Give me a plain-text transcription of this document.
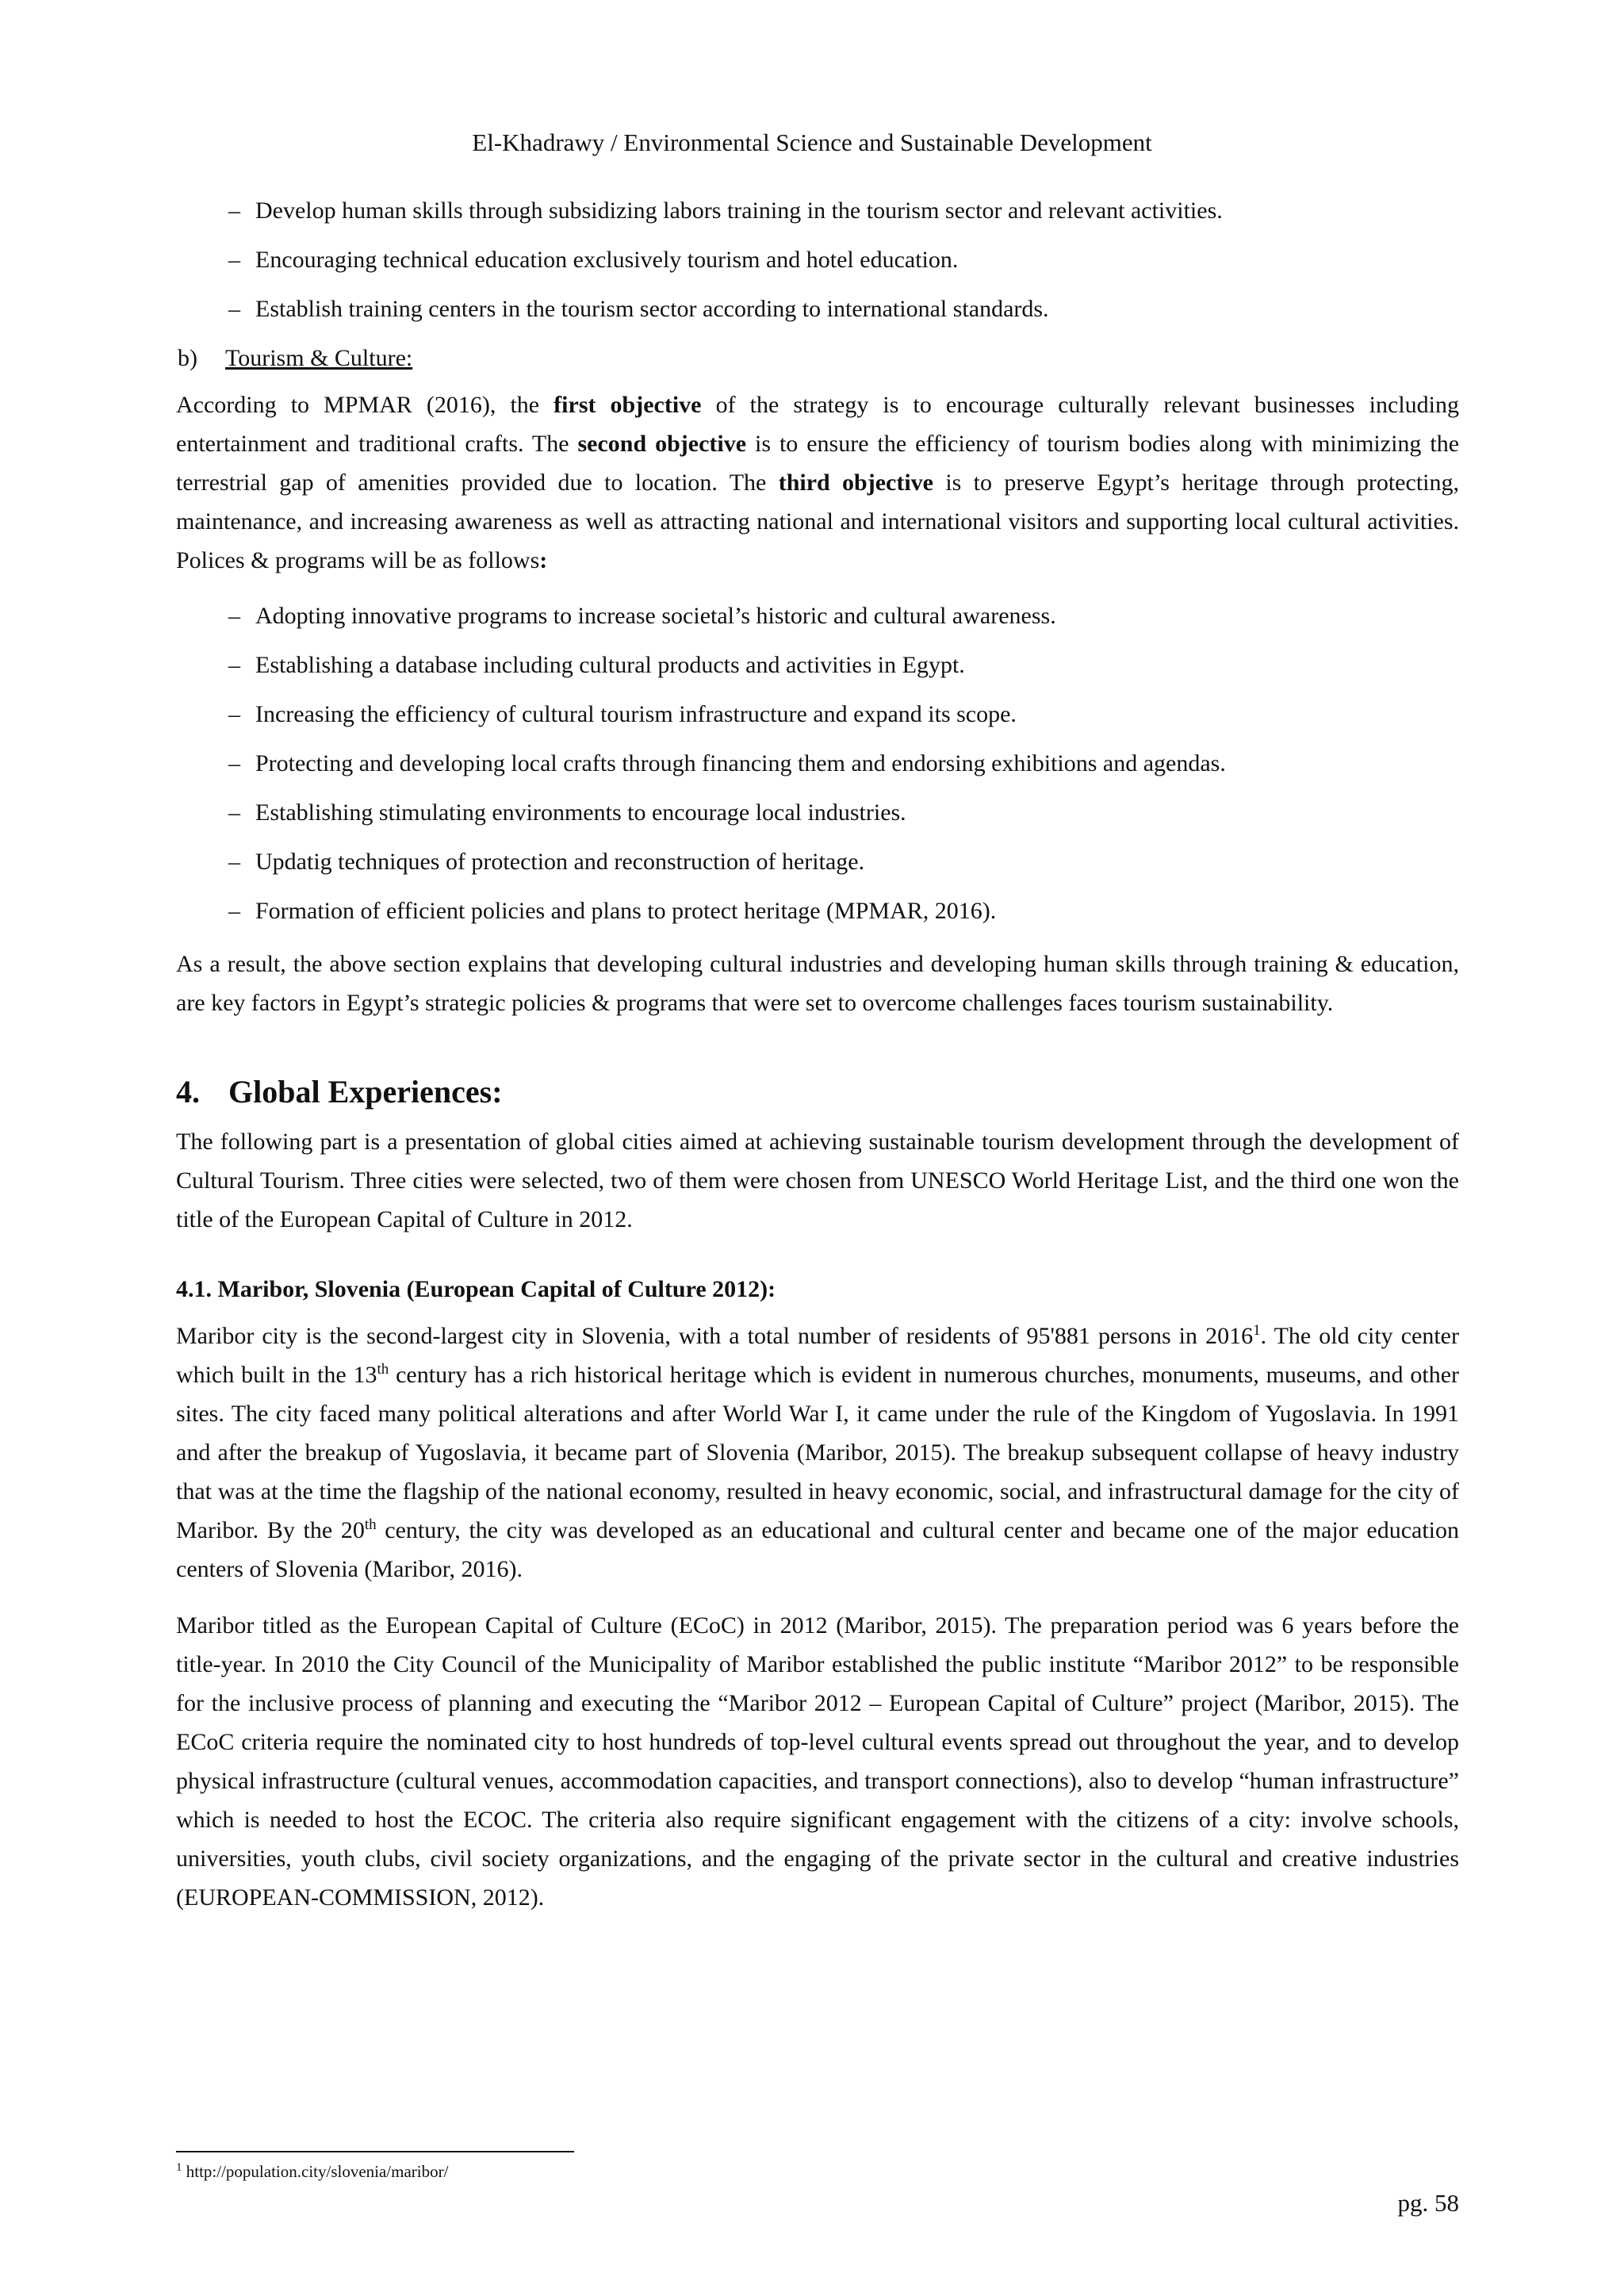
El-Khadrawy / Environmental Science and Sustainable Development
– Develop human skills through subsidizing labors training in the tourism sector and relevant activities.
– Encouraging technical education exclusively tourism and hotel education.
– Establish training centers in the tourism sector according to international standards.
b) Tourism & Culture:

According to MPMAR (2016), the first objective of the strategy is to encourage culturally relevant businesses including entertainment and traditional crafts. The second objective is to ensure the efficiency of tourism bodies along with minimizing the terrestrial gap of amenities provided due to location. The third objective is to preserve Egypt’s heritage through protecting, maintenance, and increasing awareness as well as attracting national and international visitors and supporting local cultural activities. Polices & programs will be as follows:

– Adopting innovative programs to increase societal’s historic and cultural awareness.
– Establishing a database including cultural products and activities in Egypt.
– Increasing the efficiency of cultural tourism infrastructure and expand its scope.
– Protecting and developing local crafts through financing them and endorsing exhibitions and agendas.
– Establishing stimulating environments to encourage local industries.
– Updatig techniques of protection and reconstruction of heritage.
– Formation of efficient policies and plans to protect heritage (MPMAR, 2016).

As a result, the above section explains that developing cultural industries and developing human skills through training & education, are key factors in Egypt’s strategic policies & programs that were set to overcome challenges faces tourism sustainability.

4. Global Experiences:

The following part is a presentation of global cities aimed at achieving sustainable tourism development through the development of Cultural Tourism. Three cities were selected, two of them were chosen from UNESCO World Heritage List, and the third one won the title of the European Capital of Culture in 2012.

4.1. Maribor, Slovenia (European Capital of Culture 2012):

Maribor city is the second-largest city in Slovenia, with a total number of residents of 95'881 persons in 2016$^1$. The old city center which built in the 13th century has a rich historical heritage which is evident in numerous churches, monuments, museums, and other sites. The city faced many political alterations and after World War I, it came under the rule of the Kingdom of Yugoslavia. In 1991 and after the breakup of Yugoslavia, it became part of Slovenia (Maribor, 2015). The breakup subsequent collapse of heavy industry that was at the time the flagship of the national economy, resulted in heavy economic, social, and infrastructural damage for the city of Maribor. By the 20th century, the city was developed as an educational and cultural center and became one of the major education centers of Slovenia (Maribor, 2016).

Maribor titled as the European Capital of Culture (ECoC) in 2012 (Maribor, 2015). The preparation period was 6 years before the title-year. In 2010 the City Council of the Municipality of Maribor established the public institute “Maribor 2012” to be responsible for the inclusive process of planning and executing the “Maribor 2012 – European Capital of Culture” project (Maribor, 2015). The ECoC criteria require the nominated city to host hundreds of top-level cultural events spread out throughout the year, and to develop physical infrastructure (cultural venues, accommodation capacities, and transport connections), also to develop “human infrastructure” which is needed to host the ECOC. The criteria also require significant engagement with the citizens of a city: involve schools, universities, youth clubs, civil society organizations, and the engaging of the private sector in the cultural and creative industries (EUROPEAN-COMMISSION, 2012).

$^1$ http://population.city/slovenia/maribor/
pg. 58
